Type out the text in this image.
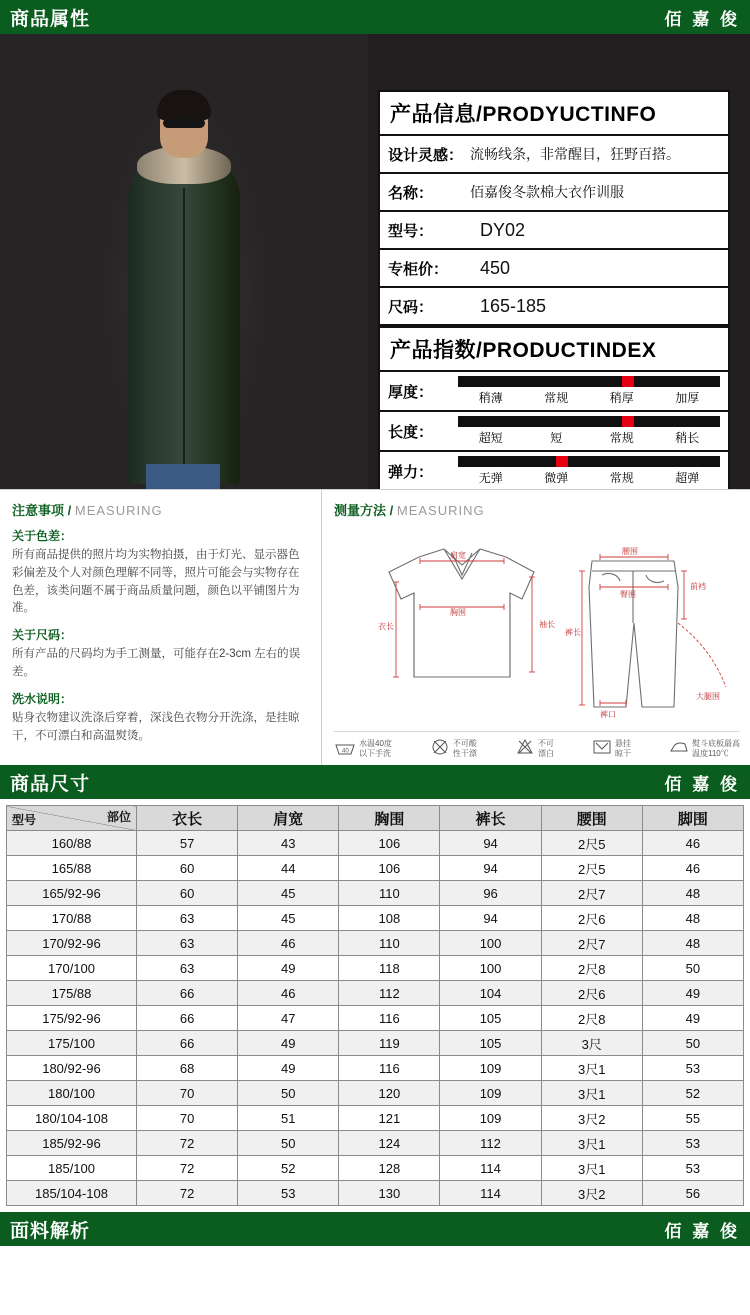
商品属性	佰 嘉 俊
产品信息/PRODYUCTINFO
设计灵感： 流畅线条，非常醒目，狂野百搭。
名称：	佰嘉俊冬款棉大衣作训服
型号：	DY02
专柜价：	450
尺码：	165-185
产品指数/PRODUCTINDEX
厚度：	稍薄	常规	稍厚	加厚
长度：	超短	短	常规	稍长
弹力：	无弹	微弹	常规	超弹
注意事项 / MEASURING
关于色差：

所有商品提供的照片均为实物拍摄，由于灯光、显示器色彩偏差及个人对颜色理解不同等，照片可能会与实物存在色差，该类问题不属于商品质量问题，颜色以平铺图片为准。

关于尺码：

所有产品的尺码均为手工测量，可能存在2-3cm 左右的误差。

洗水说明：

贴身衣物建议洗涤后穿着，深浅色衣物分开洗涤，是挂晾干，不可漂白和高温熨烫。

测量方法 / MEASURING
肩宽
衣长
胸围
袖长
腰围
裤长
臀围
前裆
裤口
大腿围
40
水温40度
以下手洗
不可酸
性干漂
不可
漂白
悬挂
晾干
熨斗底板最高
温度110℃
商品尺寸	佰 嘉 俊
部位
型号	衣长	肩宽	胸围	裤长	腰围	脚围
160/88	57	43	106	94	2尺5	46
165/88	60	44	106	94	2尺5	46
165/92-96	60	45	110	96	2尺7	48
170/88	63	45	108	94	2尺6	48
170/92-96	63	46	110	100	2尺7	48
170/100	63	49	118	100	2尺8	50
175/88	66	46	112	104	2尺6	49
175/92-96	66	47	116	105	2尺8	49
175/100	66	49	119	105	3尺	50
180/92-96	68	49	116	109	3尺1	53
180/100	70	50	120	109	3尺1	52
180/104-108	70	51	121	109	3尺2	55
185/92-96	72	50	124	112	3尺1	53
185/100	72	52	128	114	3尺1	53
185/104-108	72	53	130	114	3尺2	56
面料解析	佰 嘉 俊
